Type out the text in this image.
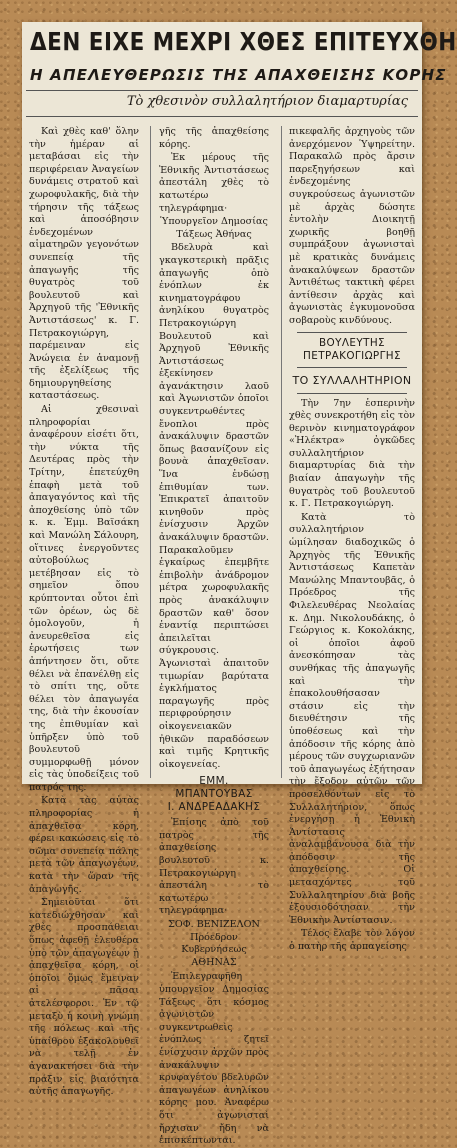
ΔΕΝ ΕΙΧΕ ΜΕΧΡΙ ΧΘΕΣ ΕΠΙΤΕΥΧΘΗ
Η ΑΠΕΛΕΥΘΕΡΩΣΙΣ ΤΗΣ ΑΠΑΧΘΕΙΣΗΣ ΚΟΡΗΣ
Τὸ χθεσινὸν συλλαλητήριον διαμαρτυρίας

Καὶ χθὲς καθ' ὅλην τὴν ἡμέραν αἱ μεταβάσαι εἰς τὴν περιφέρειαν Ἀναγείων δυνάμεις στρατοῦ καὶ χωροφυλακῆς, διὰ τὴν τήρησιν τῆς τάξεως καὶ ἀποσόβησιν ἐνδεχομένων αἱματηρῶν γεγονότων συνεπείᾳ τῆς ἀπαγωγῆς τῆς θυγατρὸς τοῦ βουλευτοῦ καὶ Ἀρχηγοῦ τῆς 'Ἐθνικῆς Ἀντιστάσεως' κ. Γ. Πετρακογιώργη, παρέμειναν εἰς Ἀνώγεια ἐν ἀναμονῇ τῆς ἐξελίξεως τῆς δημιουργηθείσης καταστάσεως.

Αἱ χθεσιναὶ πληροφορίαι ἀναφέρουν εἰσέτι ὅτι, τὴν νύκτα τῆς Δευτέρας πρὸς τὴν Τρίτην, ἐπετεύχθη ἐπαφὴ μετὰ τοῦ ἀπαγαγόντος καὶ τῆς ἀποχθείσης ὑπὸ τῶν κ. κ. Ἐμμ. Βαϊσάκη καὶ Μανώλη Σάλουρη, οἵτινες ἐνεργοῦντες αὐτοβούλως μετέβησαν εἰς τὸ σημεῖον ὅπου κρύπτονται οὗτοι ἐπὶ τῶν ὀρέων, ὡς δὲ ὁμολογοῦν, ἡ ἀνευρεθεῖσα εἰς ἐρωτήσεις των ἀπήντησεν ὅτι, οὔτε θέλει νὰ ἐπανέλθῃ εἰς τὸ σπίτι της, οὔτε θέλει τὸν ἀπαγωγέα της, διὰ τὴν ἑκουσίαν της ἐπιθυμίαν καὶ ὑπῆρξεν ὑπὸ τοῦ βουλευτοῦ συμμορφωθῇ μόνον εἰς τὰς ὑποδείξεις τοῦ πατρός της.

Κατὰ τὰς αὐτὰς πληροφορίας ἡ ἀπαχθεῖσα κόρη, φέρει κακώσεις εἰς τὸ σῶμα συνεπείᾳ πάλης μετὰ τῶν ἀπαγωγέων, κατὰ τὴν ὥραν τῆς ἀπαγωγῆς.

Σημειοῦται ὅτι κατεδιώχθησαν καὶ χθὲς προσπάθειαι ὅπως ἀφεθῇ ἐλευθέρα ὑπὸ τῶν ἀπαγωγέων ἡ ἀπαχθεῖσα κόρη, οἱ ὁποῖοι ὅμως ἔμειναν αἱ πᾶσαι ἀτελέσφοροι. Ἐν τῷ μεταξὺ ἡ κοινὴ γνώμη τῆς πόλεως καὶ τῆς ὑπαίθρου ἐξακολουθεῖ νὰ τελῇ ἐν ἀγανακτήσει διὰ τὴν πράξιν εἰς βιαιότητα αὐτῆς ἀπαγωγῆς.

γῆς τῆς ἀπαχθείσης κόρης.

Ἐκ μέρους τῆς Ἐθνικῆς Ἀντιστάσεως ἀπεστάλη χθὲς τὸ κατωτέρω τηλεγράφημα·

Ὑπουργεῖον Δημοσίας Τάξεως Ἀθήνας

Βδελυρὰ καὶ γκαγκστερικὴ πρᾶξις ἀπαγωγῆς ὁπὸ ἐνόπλων ἐκ κινηματογράφου ἀνηλίκου θυγατρὸς Πετρακογιώργη Βουλευτοῦ καὶ Ἀρχηγοῦ Ἐθνικῆς Ἀντιστάσεως ἐξεκίνησεν ἀγανάκτησιν λαοῦ καὶ Ἀγωνιστῶν ὁποῖοι συγκεντρωθέντες ἔνοπλοι πρὸς ἀνακάλυψιν δραστῶν ὅπως βασανίζουν εἰς βουνὰ ἀπαχθεῖσαν. Ἵνα ἐνδώσῃ ἐπιθυμίαν των. Ἐπικρατεῖ ἀπαιτοῦν κινηθοῦν πρὸς ἐνίσχυσιν Ἀρχῶν ἀνακάλυψιν δραστῶν. Παρακαλοῦμεν ἐγκαίρως ἐπεμβῆτε ἐπιβολὴν ἀνάδρομον μέτρα χωροφυλακῆς πρὸς ἀνακάλυψιν δραστῶν καθ' ὅσον ἐναντίᾳ περιπτώσει ἀπειλεῖται σύγκρουσις. Ἀγωνισταὶ ἀπαιτοῦν τιμωρίαν βαρύτατα ἐγκλήματος παραγωγῆς πρὸς περιφρούρησιν οἰκογενειακῶν ἠθικῶν παραδόσεων καὶ τιμῆς Κρητικῆς οἰκογενείας.

ΕΜΜ. ΜΠΑΝΤΟΥΒΑΣ
Ι. ΑΝΔΡΕΑΔΑΚΗΣ

Ἐπίσης ἀπὸ τοῦ πατρὸς τῆς ἀπαχθείσης βουλευτοῦ κ. Πετρακογιώργη ἀπεστάλη τὸ κατωτέρω τηλεγράφημα·

ΣΟΦ. ΒΕΝΙΖΕΛΟΝ
Πρόεδρον Κυβερνήσεως
ΑΘΗΝΑΣ

Ἐπιλεγραφῆθη ὑπουργεῖον Δημοσίας Τάξεως ὅτι κόσμος ἀγωνιστῶν συγκεντρωθεὶς ἐνόπλως ζητεῖ ἐνίσχυσιν ἀρχῶν πρὸς ἀνακάλυψιν κρυφαγέτου βδελυρῶν ἀπαγωγέων ἀνηλίκου κόρης μου. Ἀναφέρω ὅτι ἀγωνισταὶ ἤρχισαν ἤδη νὰ ἐπισκέπτωνται.

πικεφαλῆς ἀρχηγοὺς τῶν ἀνερχόμενον Ὑψηρείτην. Παρακαλῶ πρὸς ἄρσιν παρεξηγήσεων καὶ ἐνδεχομένης συγκρούσεως ἀγωνιστῶν μὲ ἀρχὰς δώσητε ἐντολὴν Διοικητῇ χωρικῆς βοηθῇ συμπράξουν ἀγωνισταὶ μὲ κρατικὰς δυνάμεις ἀνακαλύψεων δραστῶν Ἀντιθέτως τακτικὴ φέρει ἀντίθεσιν ἀρχὰς καὶ ἀγωνιστὰς ἐγκυμονοῦσα σοβαροὺς κινδύνους.

ΒΟΥΛΕΥΤΗΣ
ΠΕΤΡΑΚΟΓΙΩΡΓΗΣ
ΤΟ ΣΥΛΛΑΛΗΤΗΡΙΟΝ

Τὴν 7ην ἑσπερινὴν χθὲς συνεκροτήθη εἰς τὸν θερινὸν κινηματογράφον «Ἠλέκτρα» ὀγκῶδες συλλαλητήριον διαμαρτυρίας διὰ τὴν βιαίαν ἀπαγωγὴν τῆς θυγατρὸς τοῦ βουλευτοῦ κ. Γ. Πετρακογιώργη.

Κατὰ τὸ συλλαλητήριον ὡμίλησαν διαδοχικῶς ὁ Ἀρχηγὸς τῆς Ἐθνικῆς Ἀντιστάσεως Καπετὰν Μανώλης Μπαντουβᾶς, ὁ Πρόεδρος τῆς Φιλελευθέρας Νεολαίας κ. Δημ. Νικολουδάκης, ὁ Γεώργιος κ. Κοκολάκης, οἱ ὁποῖοι ἀφοῦ ἀνεσκόπησαν τὰς συνθήκας τῆς ἀπαγωγῆς καὶ τὴν ἐπακολουθήσασαν στάσιν εἰς τὴν διευθέτησιν τῆς ὑποθέσεως καὶ τὴν ἀπόδοσιν τῆς κόρης ἀπὸ μέρους τῶν συγχωριανῶν τοῦ ἀπαγωγέως ἐξήτησαν τὴν ἔξοδον αὐτῶν τῶν προσελθόντων εἰς τὸ Συλλαλητήριον, ὅπως ἐνεργήσῃ ἡ Ἐθνικὴ Ἀντίστασις ἀναλαμβάνουσα διὰ τὴν ἀπόδοσιν τῆς ἀπαχθείσης. Οἱ μετασχόντες τοῦ Συλλαλητηρίου διὰ βοῆς ἐξουσιοδότησαν τὴν Ἐθνικὴν Ἀντίστασιν.

Τέλος ἔλαβε τὸν λόγον ὁ πατὴρ τῆς ἀρπαγείσης
